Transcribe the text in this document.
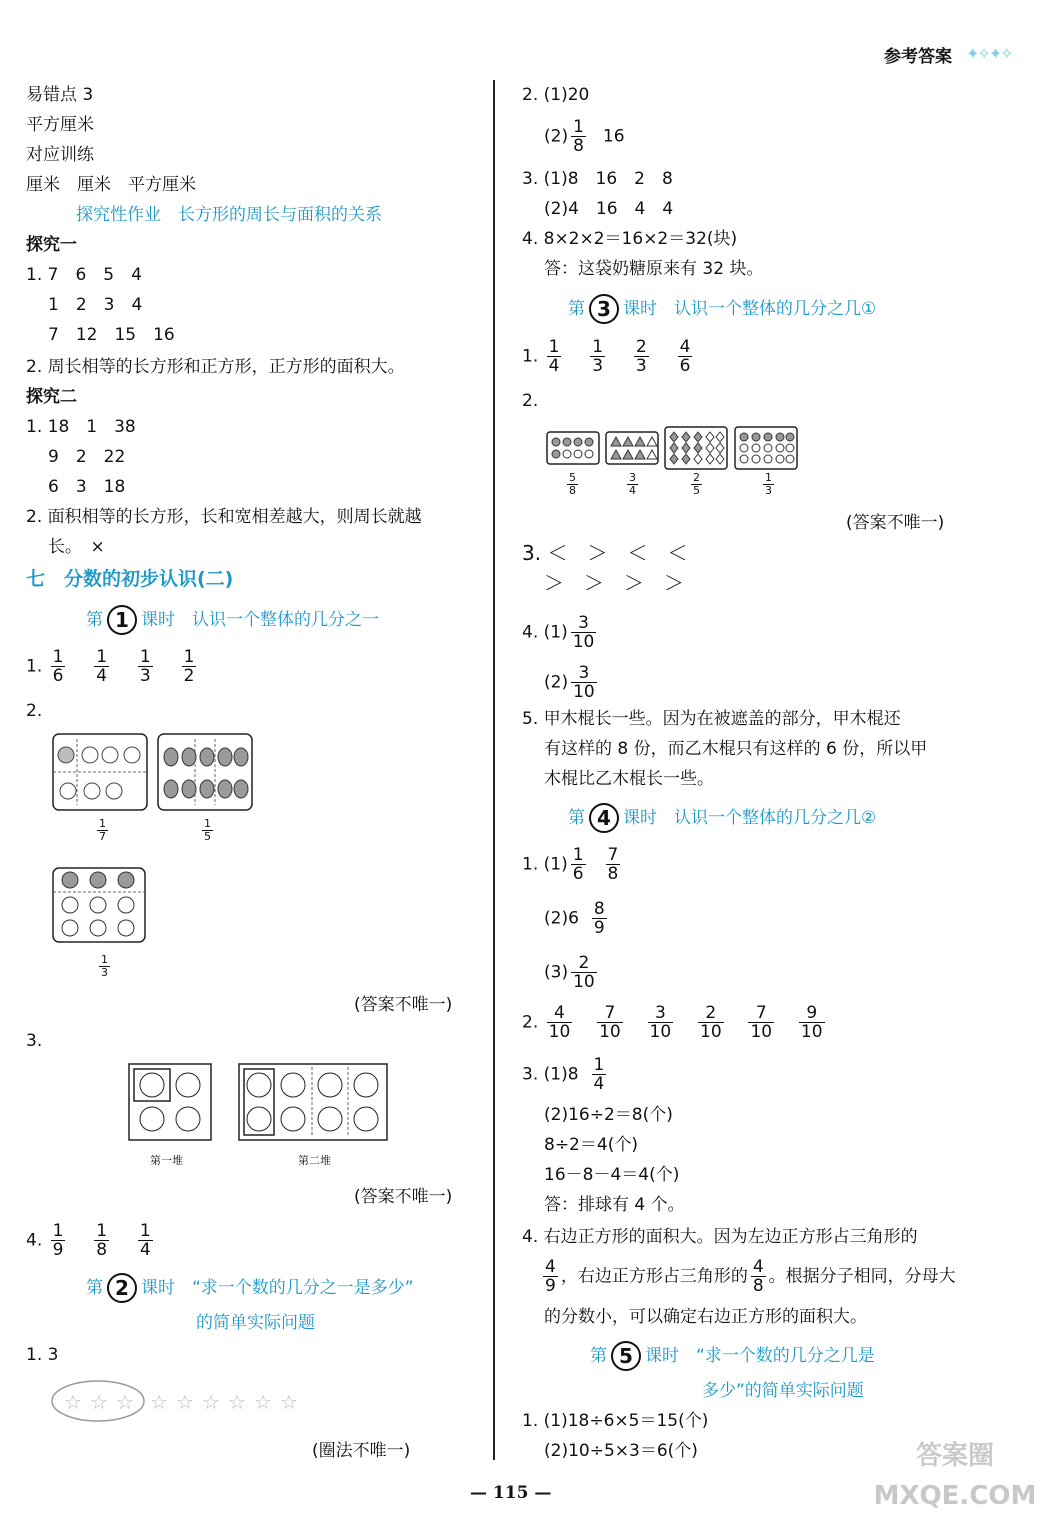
参考答案 ✦✧✦✧
易错点 3
平方厘米
对应训练
厘米　厘米　平方厘米
探究性作业　长方形的周长与面积的关系
探究一
1. 7　6　5　4
1　2　3　4
7　12　15　16
2. 周长相等的长方形和正方形，正方形的面积大。
探究二
1. 18　1　38
9　2　22
6　3　18
2. 面积相等的长方形，长和宽相差越大，则周长就越
长。　×
七　分数的初步认识(二)
第 1 课时　认识一个整体的几分之一
1. $\frac{1}{6}$
$\frac{1}{4}$
$\frac{1}{3}$
$\frac{1}{2}$
2.
$\frac{1}{7}$	$\frac{1}{5}$
$\frac{1}{3}$
(答案不唯一)
3.
第一堆	第二堆
(答案不唯一)
4. $\frac{1}{9}$
$\frac{1}{8}$
$\frac{1}{4}$
第 2 课时　“求一个数的几分之一是多少”
的简单实际问题
1. 3
☆ ☆ ☆ ☆ ☆ ☆ ☆ ☆ ☆
(圈法不唯一)
2. (1)20
$(2) \frac{1}{8} 16$
3. (1)8　16　2　8
(2)4　16　4　4
4. 8×2×2＝16×2＝32(块)
答：这袋奶糖原来有 32 块。
第 3 课时　认识一个整体的几分之几①
1. $\frac{1}{4}$
$\frac{1}{3}$
$\frac{2}{3}$
$\frac{4}{6}$
2.
$\frac{5}{8}$	$\frac{3}{4}$	$\frac{2}{5}$	$\frac{1}{3}$
(答案不唯一)
3. ＜　＞　＜　＜
＞　＞　＞　＞
4. $(1) \frac{3}{10}$
$(2) \frac{3}{10}$
5. 甲木棍长一些。因为在被遮盖的部分，甲木棍还
有这样的 8 份，而乙木棍只有这样的 6 份，所以甲
木棍比乙木棍长一些。
第 4 课时　认识一个整体的几分之几②
1. $(1) \frac{1}{6} \frac{7}{8}$
$(2)6 \frac{8}{9}$
$(3) \frac{2}{10}$
2. $\frac{4}{10}$
$\frac{7}{10}$
$\frac{3}{10}$
$\frac{2}{10}$
$\frac{7}{10}$
$\frac{9}{10}$
3. $(1)8 \frac{1}{4}$
(2)16÷2＝8(个)
8÷2＝4(个)
16－8－4＝4(个)
答：排球有 4 个。
4. 右边正方形的面积大。因为左边正方形占三角形的
$\frac{4}{9}$ ，右边正方形占三角形的 $\frac{4}{8}$ 。根据分子相同，分母大
的分数小，可以确定右边正方形的面积大。
第 5 课时　“求一个数的几分之几是
多少”的简单实际问题
1. (1)18÷6×5＝15(个)
(2)10÷5×3＝6(个)
— 115 —
答案圈 MXQE.COM
